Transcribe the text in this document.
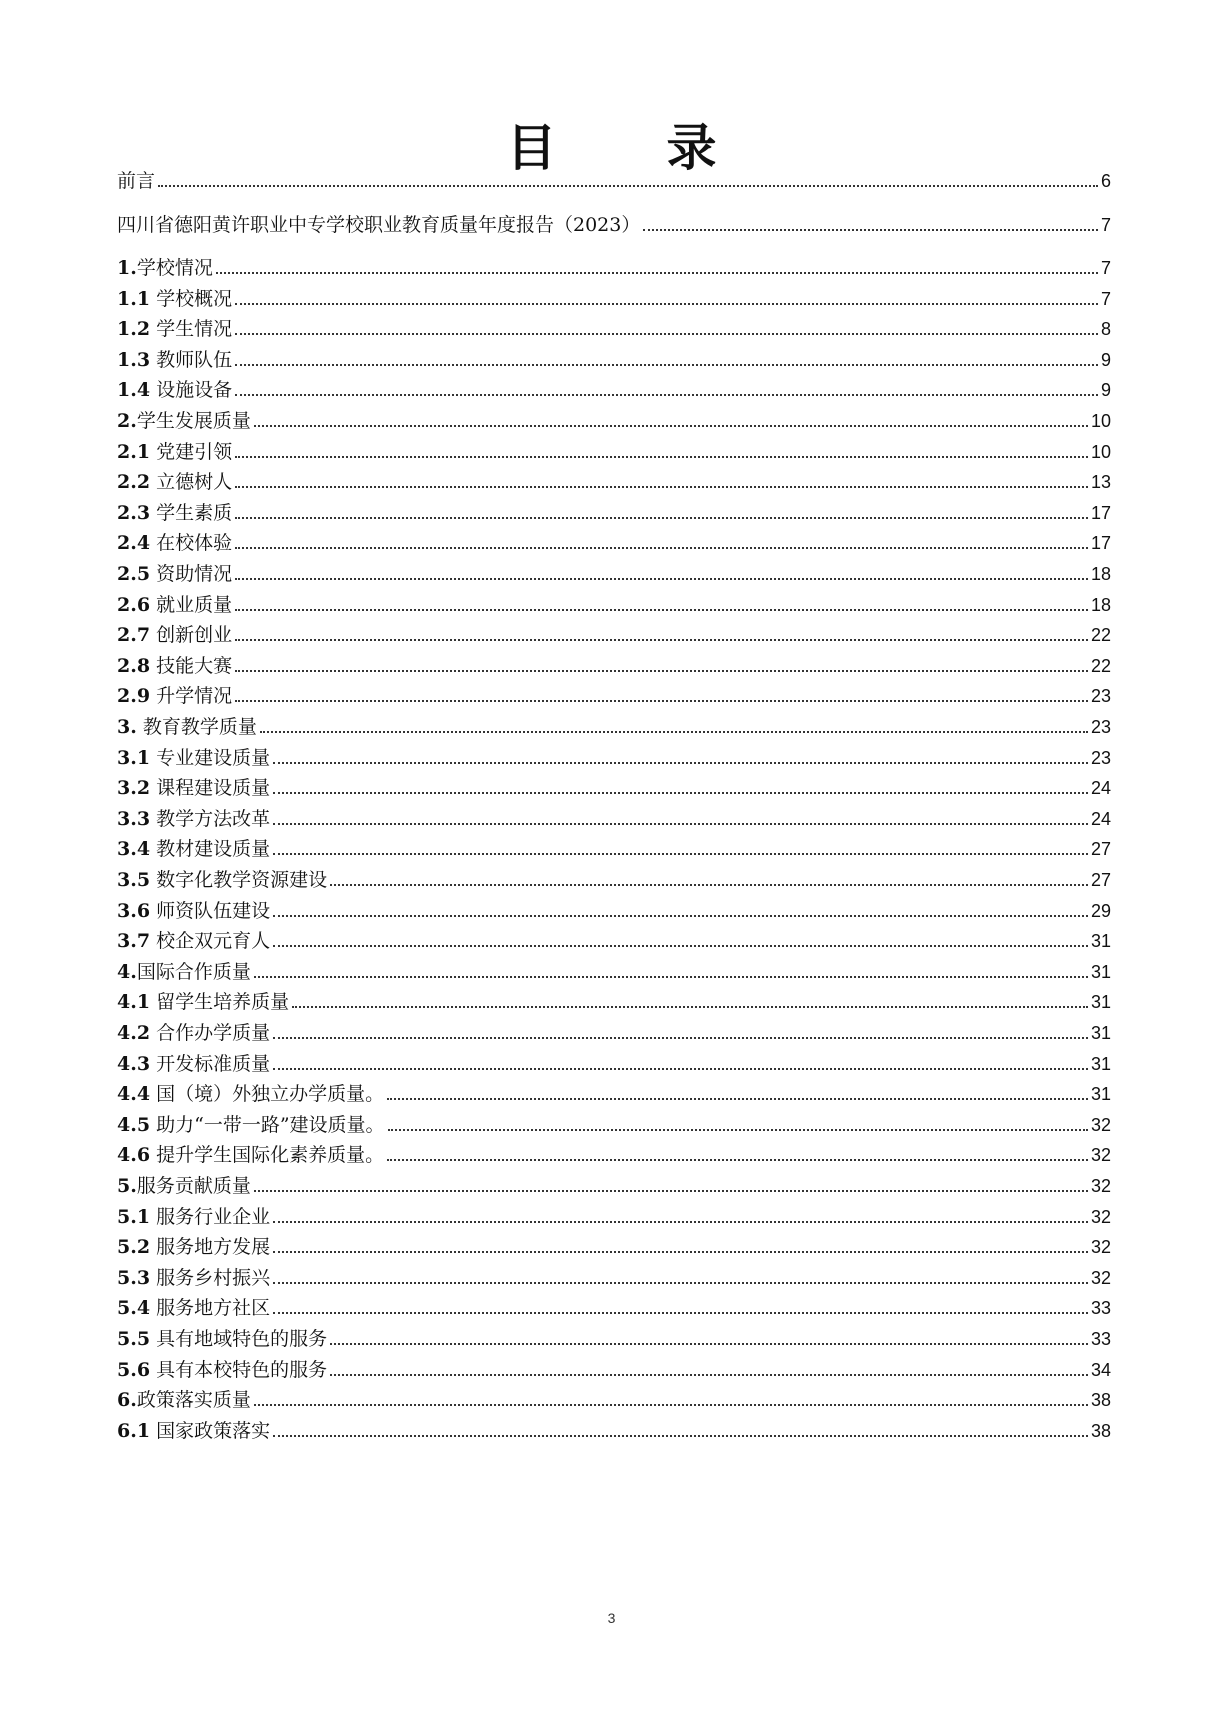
目 录
前言	6
四川省德阳黄许职业中专学校职业教育质量年度报告（2023）	7
1.学校情况	7
1.1 学校概况	7
1.2 学生情况	8
1.3 教师队伍	9
1.4 设施设备	9
2.学生发展质量	10
2.1 党建引领	10
2.2 立德树人	13
2.3 学生素质	17
2.4 在校体验	17
2.5 资助情况	18
2.6 就业质量	18
2.7 创新创业	22
2.8 技能大赛	22
2.9 升学情况	23
3. 教育教学质量	23
3.1 专业建设质量	23
3.2 课程建设质量	24
3.3 教学方法改革	24
3.4 教材建设质量	27
3.5 数字化教学资源建设	27
3.6 师资队伍建设	29
3.7 校企双元育人	31
4.国际合作质量	31
4.1 留学生培养质量	31
4.2 合作办学质量	31
4.3 开发标准质量	31
4.4 国（境）外独立办学质量。	31
4.5 助力“一带一路”建设质量。	32
4.6 提升学生国际化素养质量。	32
5.服务贡献质量	32
5.1 服务行业企业	32
5.2 服务地方发展	32
5.3 服务乡村振兴	32
5.4 服务地方社区	33
5.5 具有地域特色的服务	33
5.6 具有本校特色的服务	34
6.政策落实质量	38
6.1 国家政策落实	38
3
